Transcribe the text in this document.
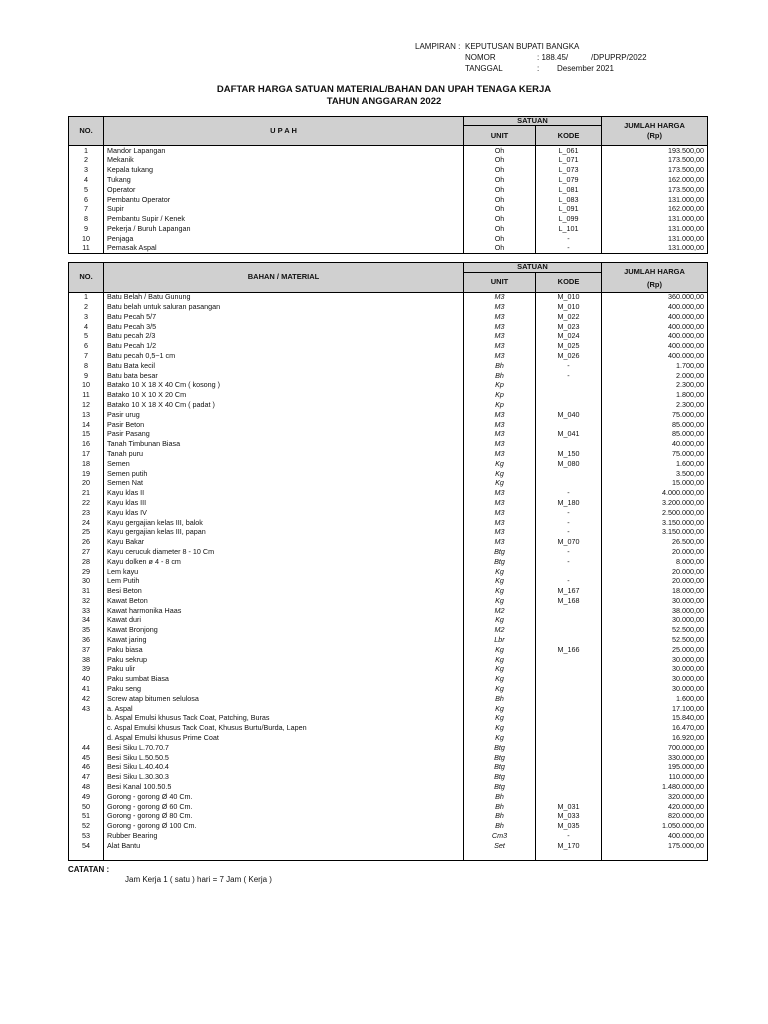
LAMPIRAN : KEPUTUSAN BUPATI BANGKA
NOMOR	: 188.45/	/DPUPRP/2022
TANGGAL	: Desember 2021
DAFTAR HARGA SATUAN MATERIAL/BAHAN DAN UPAH TENAGA KERJA
TAHUN ANGGARAN 2022
NO.	U P A H	SATUAN		JUMLAH HARGA
(Rp)

		UNIT	KODE	
1	Mandor Lapangan	Oh	L_061	193.500,00
2	Mekanik	Oh	L_071	173.500,00
3	Kepala tukang	Oh	L_073	173.500,00
4	Tukang	Oh	L_079	162.000,00
5	Operator	Oh	L_081	173.500,00
6	Pembantu Operator	Oh	L_083	131.000,00
7	Supir	Oh	L_091	162.000,00
8	Pembantu Supir / Kenek	Oh	L_099	131.000,00
9	Pekerja / Buruh Lapangan	Oh	L_101	131.000,00
10	Penjaga	Oh	-	131.000,00
11	Pemasak Aspal	Oh	-	131.000,00
NO.	BAHAN / MATERIAL	SATUAN		JUMLAH HARGA
(Rp)

		UNIT	KODE	
1	Batu Belah / Batu Gunung	M3	M_010	360.000,00
2	Batu belah untuk saluran pasangan	M3	M_010	400.000,00
3	Batu Pecah 5/7	M3	M_022	400.000,00
4	Batu Pecah 3/5	M3	M_023	400.000,00
5	Batu pecah 2/3	M3	M_024	400.000,00
6	Batu Pecah 1/2	M3	M_025	400.000,00
7	Batu pecah 0,5~1 cm	M3	M_026	400.000,00
8	Batu Bata kecil	Bh	-	1.700,00
9	Batu bata besar	Bh	-	2.000,00
10	Batako 10 X 18 X 40 Cm ( kosong )	Kp		2.300,00
11	Batako 10 X 10 X 20 Cm	Kp		1.800,00
12	Batako 10 X 18 X 40 Cm ( padat )	Kp		2.300,00
13	Pasir urug	M3	M_040	75.000,00
14	Pasir Beton	M3		85.000,00
15	Pasir Pasang	M3	M_041	85.000,00
16	Tanah Timbunan Biasa	M3		40.000,00
17	Tanah puru	M3	M_150	75.000,00
18	Semen	Kg	M_080	1.600,00
19	Semen putih	Kg		3.500,00
20	Semen Nat	Kg		15.000,00
21	Kayu klas II	M3	-	4.000.000,00
22	Kayu klas III	M3	M_180	3.200.000,00
23	Kayu klas IV	M3	-	2.500.000,00
24	Kayu gergajian kelas III, balok	M3	-	3.150.000,00
25	Kayu gergajian kelas III, papan	M3	-	3.150.000,00
26	Kayu Bakar	M3	M_070	26.500,00
27	Kayu cerucuk diameter 8 - 10 Cm	Btg	-	20.000,00
28	Kayu dolken ø 4 - 8 cm	Btg	-	8.000,00
29	Lem kayu	Kg		20.000,00
30	Lem Putih	Kg	-	20.000,00
31	Besi Beton	Kg	M_167	18.000,00
32	Kawat Beton	Kg	M_168	30.000,00
33	Kawat harmonika Haas	M2		38.000,00
34	Kawat duri	Kg		30.000,00
35	Kawat Bronjong	M2		52.500,00
36	Kawat jaring	Lbr		52.500,00
37	Paku biasa	Kg	M_166	25.000,00
38	Paku sekrup	Kg		30.000,00
39	Paku ulir	Kg		30.000,00
40	Paku sumbat Biasa	Kg		30.000,00
41	Paku seng	Kg		30.000,00
42	Screw atap bitumen selulosa	Bh		1.600,00
43	a. Aspal	Kg		17.100,00
	b. Aspal Emulsi khusus Tack Coat, Patching, Buras	Kg		15.840,00
	c. Aspal Emulsi khusus Tack Coat, Khusus Burtu/Burda, Lapen	Kg		16.470,00
	d. Aspal Emulsi khusus Prime Coat	Kg		16.920,00
44	Besi Siku L.70.70.7	Btg		700.000,00
45	Besi Siku L.50.50.5	Btg		330.000,00
46	Besi Siku L.40.40.4	Btg		195.000,00
47	Besi Siku L.30.30.3	Btg		110.000,00
48	Besi Kanal 100.50.5	Btg		1.480.000,00
49	Gorong - gorong Ø 40 Cm.	Bh		320.000,00
50	Gorong - gorong Ø 60 Cm.	Bh	M_031	420.000,00
51	Gorong - gorong Ø 80 Cm.	Bh	M_033	820.000,00
52	Gorong - gorong Ø 100 Cm.	Bh	M_035	1.050.000,00
53	Rubber Bearing	Cm3	-	400.000,00
54	Alat Bantu	Set	M_170	175.000,00

CATATAN :
Jam Kerja 1 ( satu ) hari = 7 Jam ( Kerja )
